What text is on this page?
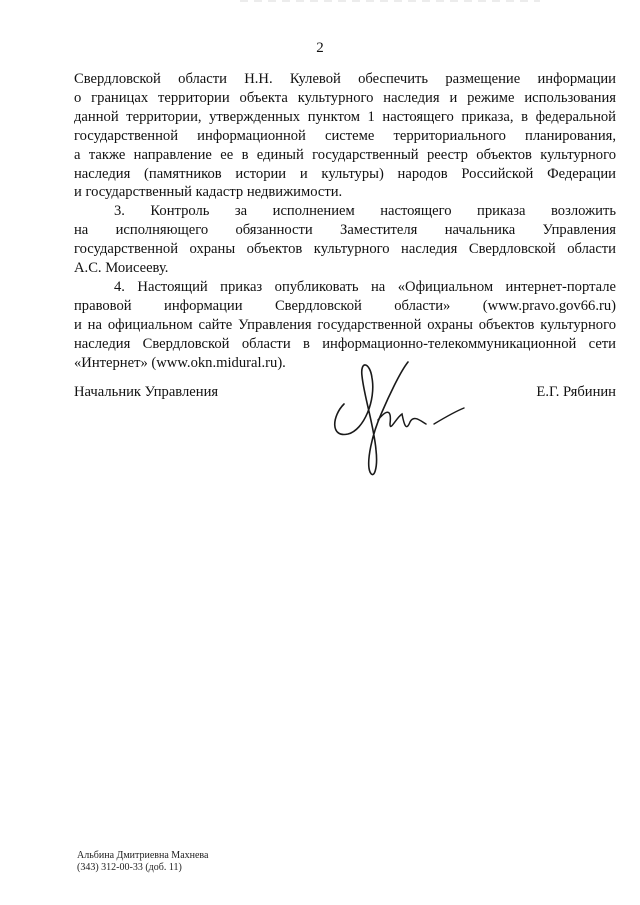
2

Свердловской области Н.Н. Кулевой обеспечить размещение информации
о границах территории объекта культурного наследия и режиме использования
данной территории, утвержденных пунктом 1 настоящего приказа, в федеральной
государственной информационной системе территориального планирования,
а также направление ее в единый государственный реестр объектов культурного
наследия (памятников истории и культуры) народов Российской Федерации
и государственный кадастр недвижимости.

3. Контроль за исполнением настоящего приказа возложить
на исполняющего обязанности Заместителя начальника Управления
государственной охраны объектов культурного наследия Свердловской области
А.С. Моисееву.

4. Настоящий приказ опубликовать на «Официальном интернет-портале
правовой информации Свердловской области» (www.pravo.gov66.ru)
и на официальном сайте Управления государственной охраны объектов культурного
наследия Свердловской области в информационно-телекоммуникационной сети
«Интернет» (www.okn.midural.ru).

Начальник Управления	Е.Г. Рябинин
Альбина Дмитриевна Махнева
(343) 312-00-33 (доб. 11)
